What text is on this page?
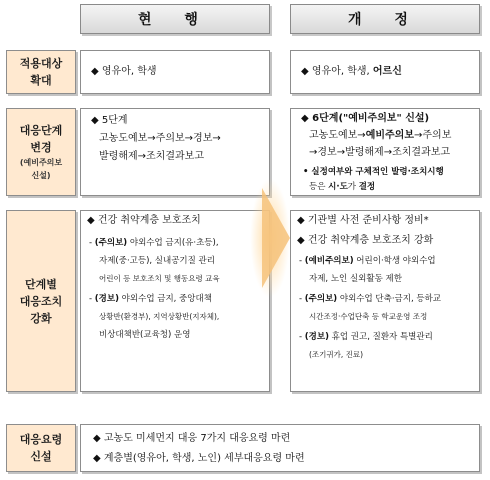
현 행	개 정
적용대상
확대
◆ 영유아, 학생	◆ 영유아, 학생, 어르신
대응단계
변경
(예비주의보
신설)
◆ 5단계
고농도예보→주의보→경보→
발령해제→조치결과보고
◆ 6단계("예비주의보" 신설)
고농도예보→예비주의보→주의보
→경보→발령해제→조치결과보고
• 실정여부와 구체적인 발령·조치시행
등은 시·도가 결정
단계별
대응조치
강화
◆ 건강 취약계층 보호조치
- (주의보) 야외수업 금지(유·초등),
자제(중·고등), 실내공기질 관리
어린이 등 보호조치 및 행동요령 교육
- (경보) 야외수업 금지, 중앙대책
상황반(환경부), 지역상황반(지자체),
비상대책반(교육청) 운영
◆ 기관별 사전 준비사항 정비*
◆ 건강 취약계층 보호조치 강화
- (예비주의보) 어린이·학생 야외수업
자제, 노인 실외활동 제한
- (주의보) 야외수업 단축·금지, 등하교
시간조정·수업단축 등 학교운영 조정
- (경보) 휴업 권고, 질환자 특별관리
(조기귀가, 진료)
대응요령
신설
◆ 고농도 미세먼지 대응 7가지 대응요령 마련
◆ 계층별(영유아, 학생, 노인) 세부대응요령 마련
